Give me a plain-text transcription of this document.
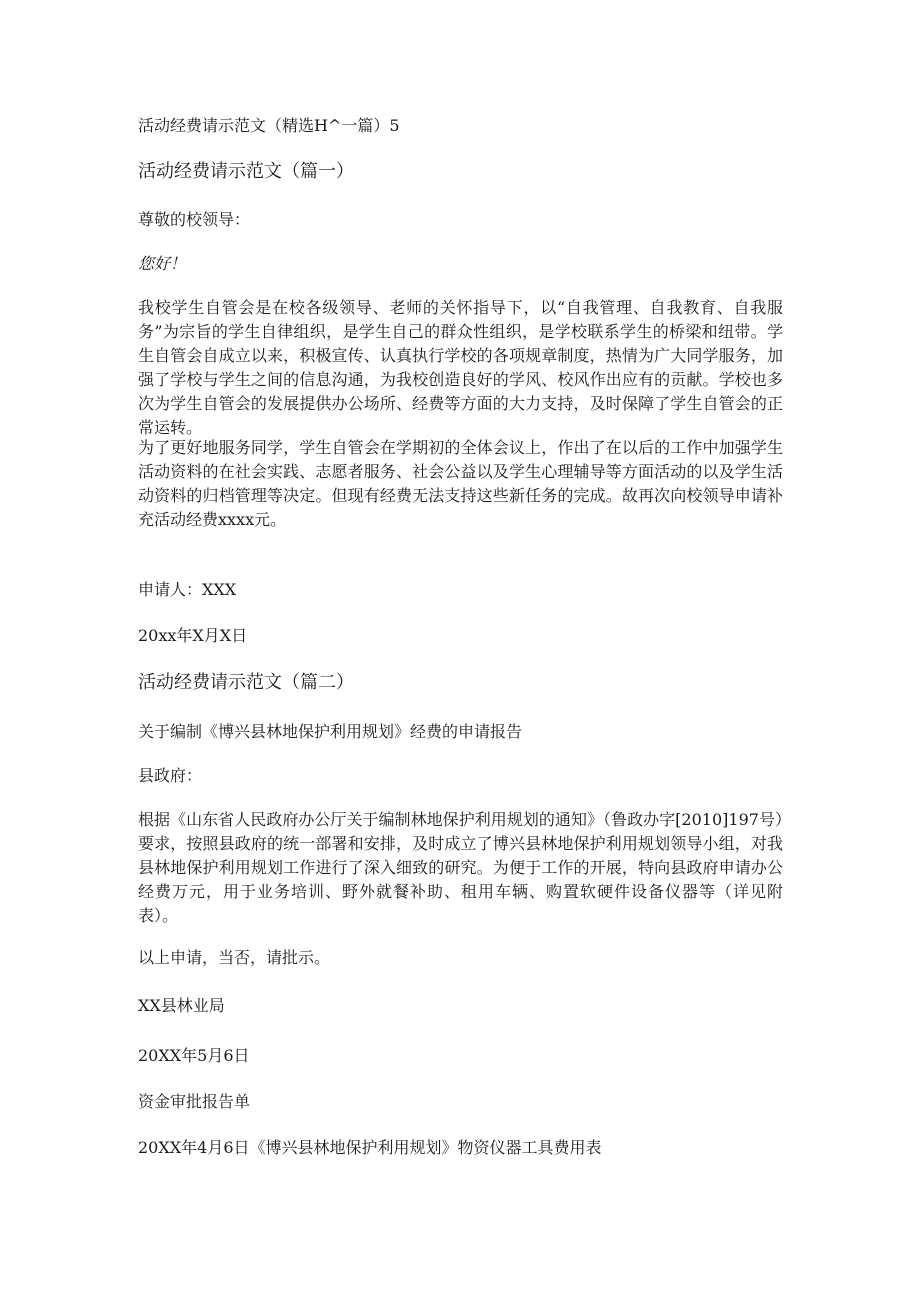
活动经费请示范文（精选H^一篇）5

活动经费请示范文（篇一）

尊敬的校领导：

您好！

我校学生自管会是在校各级领导、老师的关怀指导下，以“自我管理、自我教育、自我服务”为宗旨的学生自律组织，是学生自己的群众性组织，是学校联系学生的桥梁和纽带。学生自管会自成立以来，积极宣传、认真执行学校的各项规章制度，热情为广大同学服务，加强了学校与学生之间的信息沟通，为我校创造良好的学风、校风作出应有的贡献。学校也多次为学生自管会的发展提供办公场所、经费等方面的大力支持，及时保障了学生自管会的正常运转。

为了更好地服务同学，学生自管会在学期初的全体会议上，作出了在以后的工作中加强学生活动资料的在社会实践、志愿者服务、社会公益以及学生心理辅导等方面活动的以及学生活动资料的归档管理等决定。但现有经费无法支持这些新任务的完成。故再次向校领导申请补充活动经费xxxx元。

申请人：XXX

20xx年X月X日

活动经费请示范文（篇二）

关于编制《博兴县林地保护利用规划》经费的申请报告

县政府：

根据《山东省人民政府办公厅关于编制林地保护利用规划的通知》（鲁政办字[2010]197号）要求，按照县政府的统一部署和安排，及时成立了博兴县林地保护利用规划领导小组，对我县林地保护利用规划工作进行了深入细致的研究。为便于工作的开展，特向县政府申请办公经费万元，用于业务培训、野外就餐补助、租用车辆、购置软硬件设备仪器等（详见附表）。

以上申请，当否，请批示。

XX县林业局

20XX年5月6日

资金审批报告单

20XX年4月6日《博兴县林地保护利用规划》物资仪器工具费用表
